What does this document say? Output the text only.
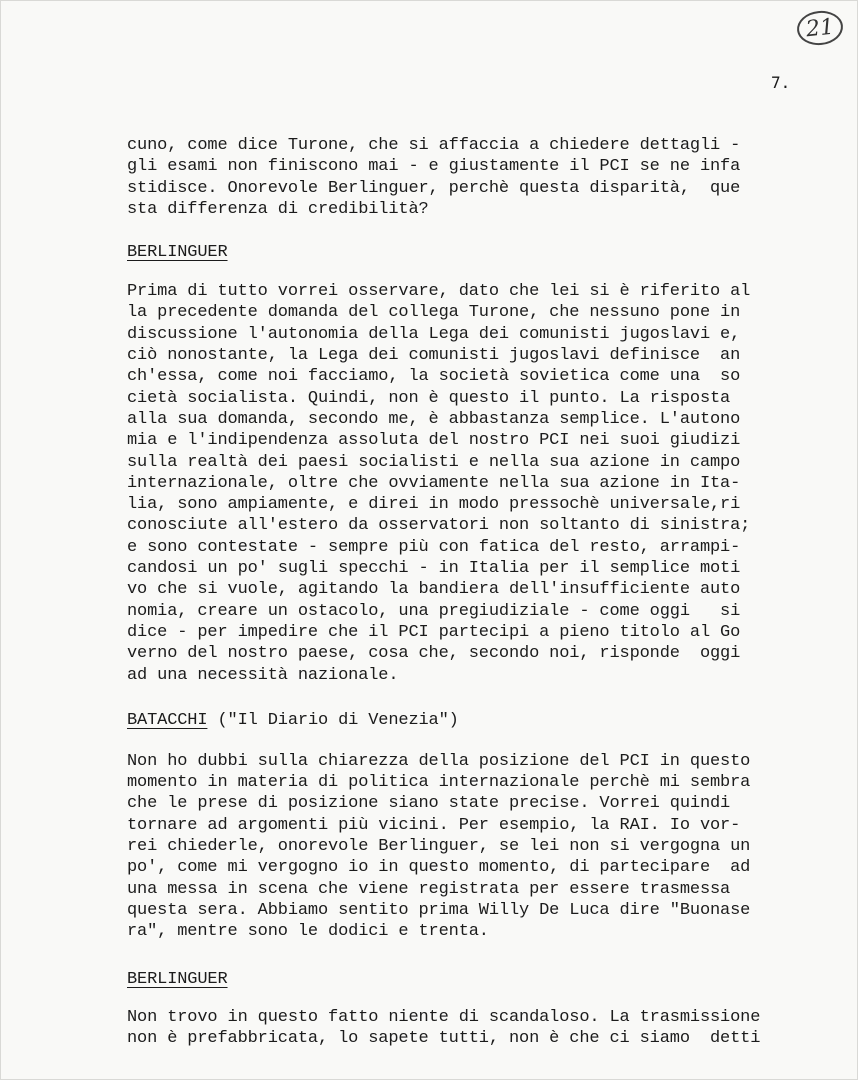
21
7.
cuno, come dice Turone, che si affaccia a chiedere dettagli -
gli esami non finiscono mai - e giustamente il PCI se ne infa
stidisce. Onorevole Berlinguer, perchè questa disparità,  que
sta differenza di credibilità?
BERLINGUER
Prima di tutto vorrei osservare, dato che lei si è riferito al
la precedente domanda del collega Turone, che nessuno pone in
discussione l'autonomia della Lega dei comunisti jugoslavi e,
ciò nonostante, la Lega dei comunisti jugoslavi definisce  an
ch'essa, come noi facciamo, la società sovietica come una  so
cietà socialista. Quindi, non è questo il punto. La risposta
alla sua domanda, secondo me, è abbastanza semplice. L'autono
mia e l'indipendenza assoluta del nostro PCI nei suoi giudizi
sulla realtà dei paesi socialisti e nella sua azione in campo
internazionale, oltre che ovviamente nella sua azione in Ita-
lia, sono ampiamente, e direi in modo pressochè universale,ri
conosciute all'estero da osservatori non soltanto di sinistra;
e sono contestate - sempre più con fatica del resto, arrampi-
candosi un po' sugli specchi - in Italia per il semplice moti
vo che si vuole, agitando la bandiera dell'insufficiente auto
nomia, creare un ostacolo, una pregiudiziale - come oggi   si
dice - per impedire che il PCI partecipi a pieno titolo al Go
verno del nostro paese, cosa che, secondo noi, risponde  oggi
ad una necessità nazionale.
BATACCHI ("Il Diario di Venezia")
Non ho dubbi sulla chiarezza della posizione del PCI in questo
momento in materia di politica internazionale perchè mi sembra
che le prese di posizione siano state precise. Vorrei quindi
tornare ad argomenti più vicini. Per esempio, la RAI. Io vor-
rei chiederle, onorevole Berlinguer, se lei non si vergogna un
po', come mi vergogno io in questo momento, di partecipare  ad
una messa in scena che viene registrata per essere trasmessa
questa sera. Abbiamo sentito prima Willy De Luca dire "Buonase
ra", mentre sono le dodici e trenta.
BERLINGUER
Non trovo in questo fatto niente di scandaloso. La trasmissione
non è prefabbricata, lo sapete tutti, non è che ci siamo  detti
